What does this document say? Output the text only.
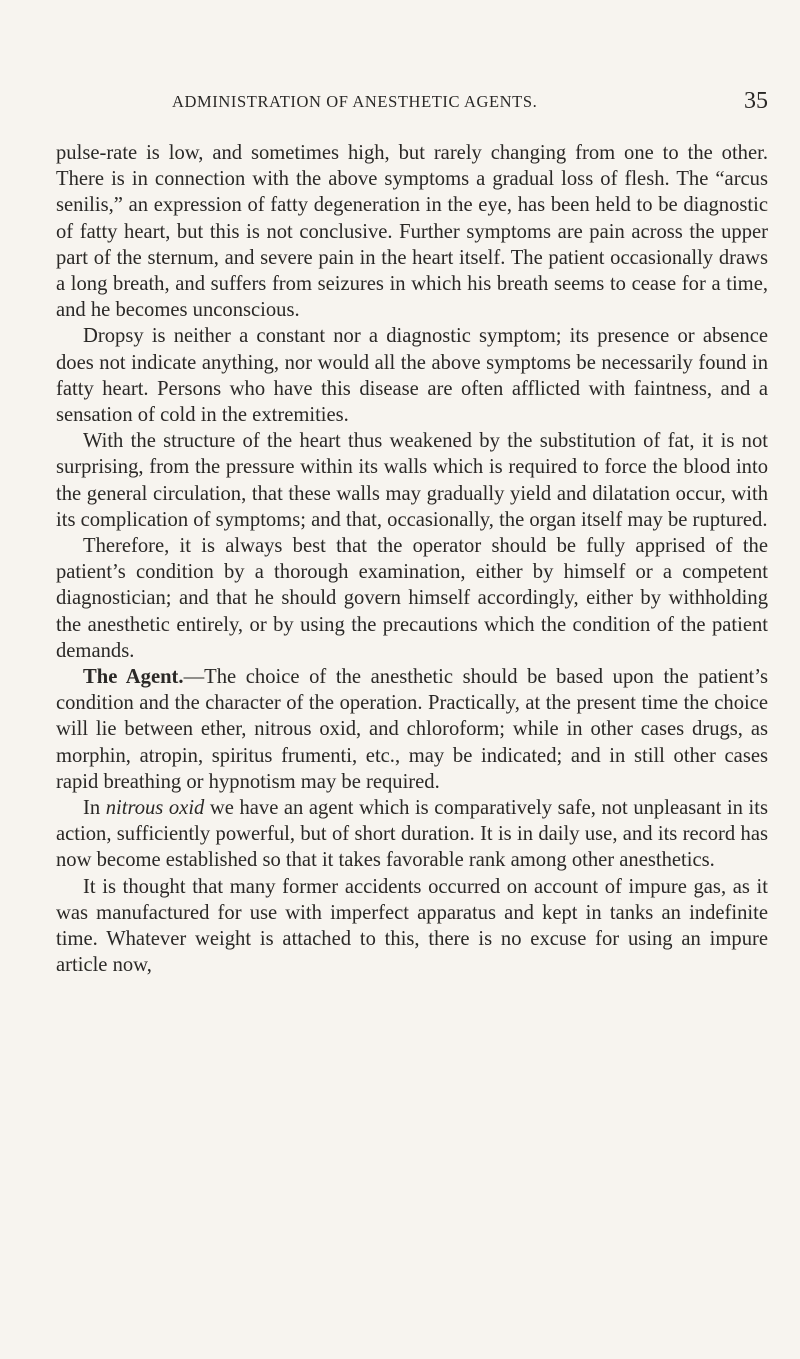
ADMINISTRATION OF ANESTHETIC AGENTS.	35

pulse-rate is low, and sometimes high, but rarely changing from one to the other. There is in connection with the above symptoms a gradual loss of flesh. The “arcus senilis,” an expression of fatty degeneration in the eye, has been held to be diagnostic of fatty heart, but this is not conclusive. Further symptoms are pain across the upper part of the sternum, and severe pain in the heart itself. The patient occasionally draws a long breath, and suffers from seizures in which his breath seems to cease for a time, and he becomes unconscious.

Dropsy is neither a constant nor a diagnostic symptom; its presence or absence does not indicate anything, nor would all the above symptoms be necessarily found in fatty heart. Persons who have this disease are often afflicted with faintness, and a sensation of cold in the extremities.

With the structure of the heart thus weakened by the substitution of fat, it is not surprising, from the pressure within its walls which is required to force the blood into the general circulation, that these walls may gradually yield and dilatation occur, with its complication of symptoms; and that, occasionally, the organ itself may be ruptured.

Therefore, it is always best that the operator should be fully apprised of the patient’s condition by a thorough examination, either by himself or a competent diagnostician; and that he should govern himself accordingly, either by withholding the anesthetic entirely, or by using the precautions which the condition of the patient demands.

The Agent.—The choice of the anesthetic should be based upon the patient’s condition and the character of the operation. Practically, at the present time the choice will lie between ether, nitrous oxid, and chloroform; while in other cases drugs, as morphin, atropin, spiritus frumenti, etc., may be indicated; and in still other cases rapid breathing or hypnotism may be required.

In nitrous oxid we have an agent which is comparatively safe, not unpleasant in its action, sufficiently powerful, but of short duration. It is in daily use, and its record has now become established so that it takes favorable rank among other anesthetics.

It is thought that many former accidents occurred on account of impure gas, as it was manufactured for use with imperfect apparatus and kept in tanks an indefinite time. Whatever weight is attached to this, there is no excuse for using an impure article now,
